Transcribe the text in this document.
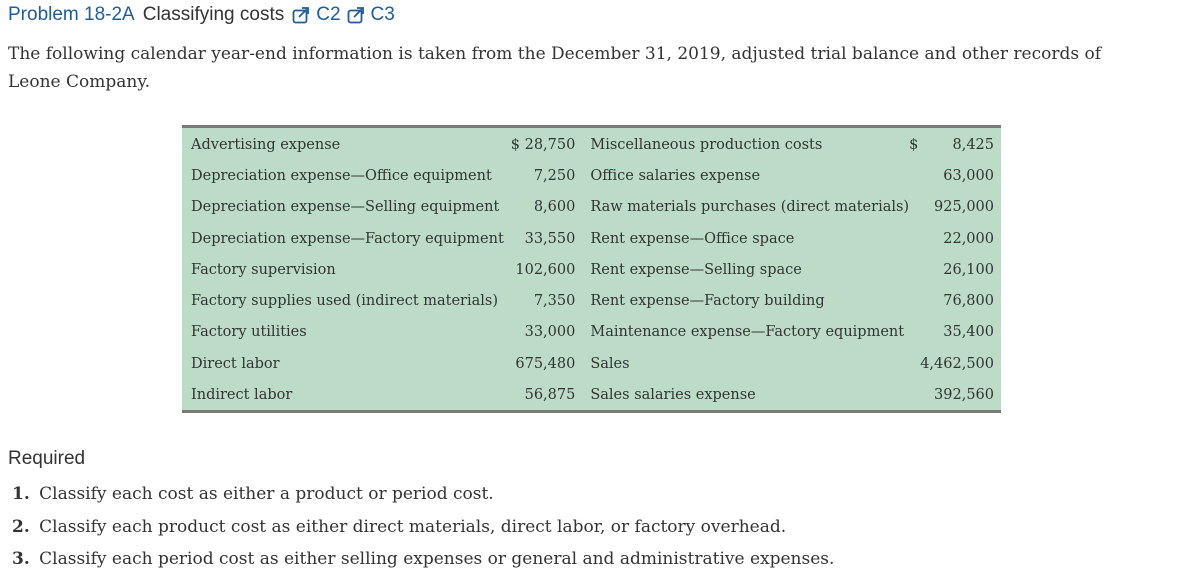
Problem 18-2A Classifying costs C2 C3
The following calendar year-end information is taken from the December 31, 2019, adjusted trial balance and other records of Leone Company.
Advertising expense	$ 28,750	Miscellaneous production costs	$	8,425
Depreciation expense—Office equipment	7,250	Office salaries expense		63,000
Depreciation expense—Selling equipment	8,600	Raw materials purchases (direct materials)		925,000
Depreciation expense—Factory equipment	33,550	Rent expense—Office space		22,000
Factory supervision	102,600	Rent expense—Selling space		26,100
Factory supplies used (indirect materials)	7,350	Rent expense—Factory building		76,800
Factory utilities	33,000	Maintenance expense—Factory equipment		35,400
Direct labor	675,480	Sales		4,462,500
Indirect labor	56,875	Sales salaries expense		392,560
Required
1. Classify each cost as either a product or period cost.
2. Classify each product cost as either direct materials, direct labor, or factory overhead.
3. Classify each period cost as either selling expenses or general and administrative expenses.
